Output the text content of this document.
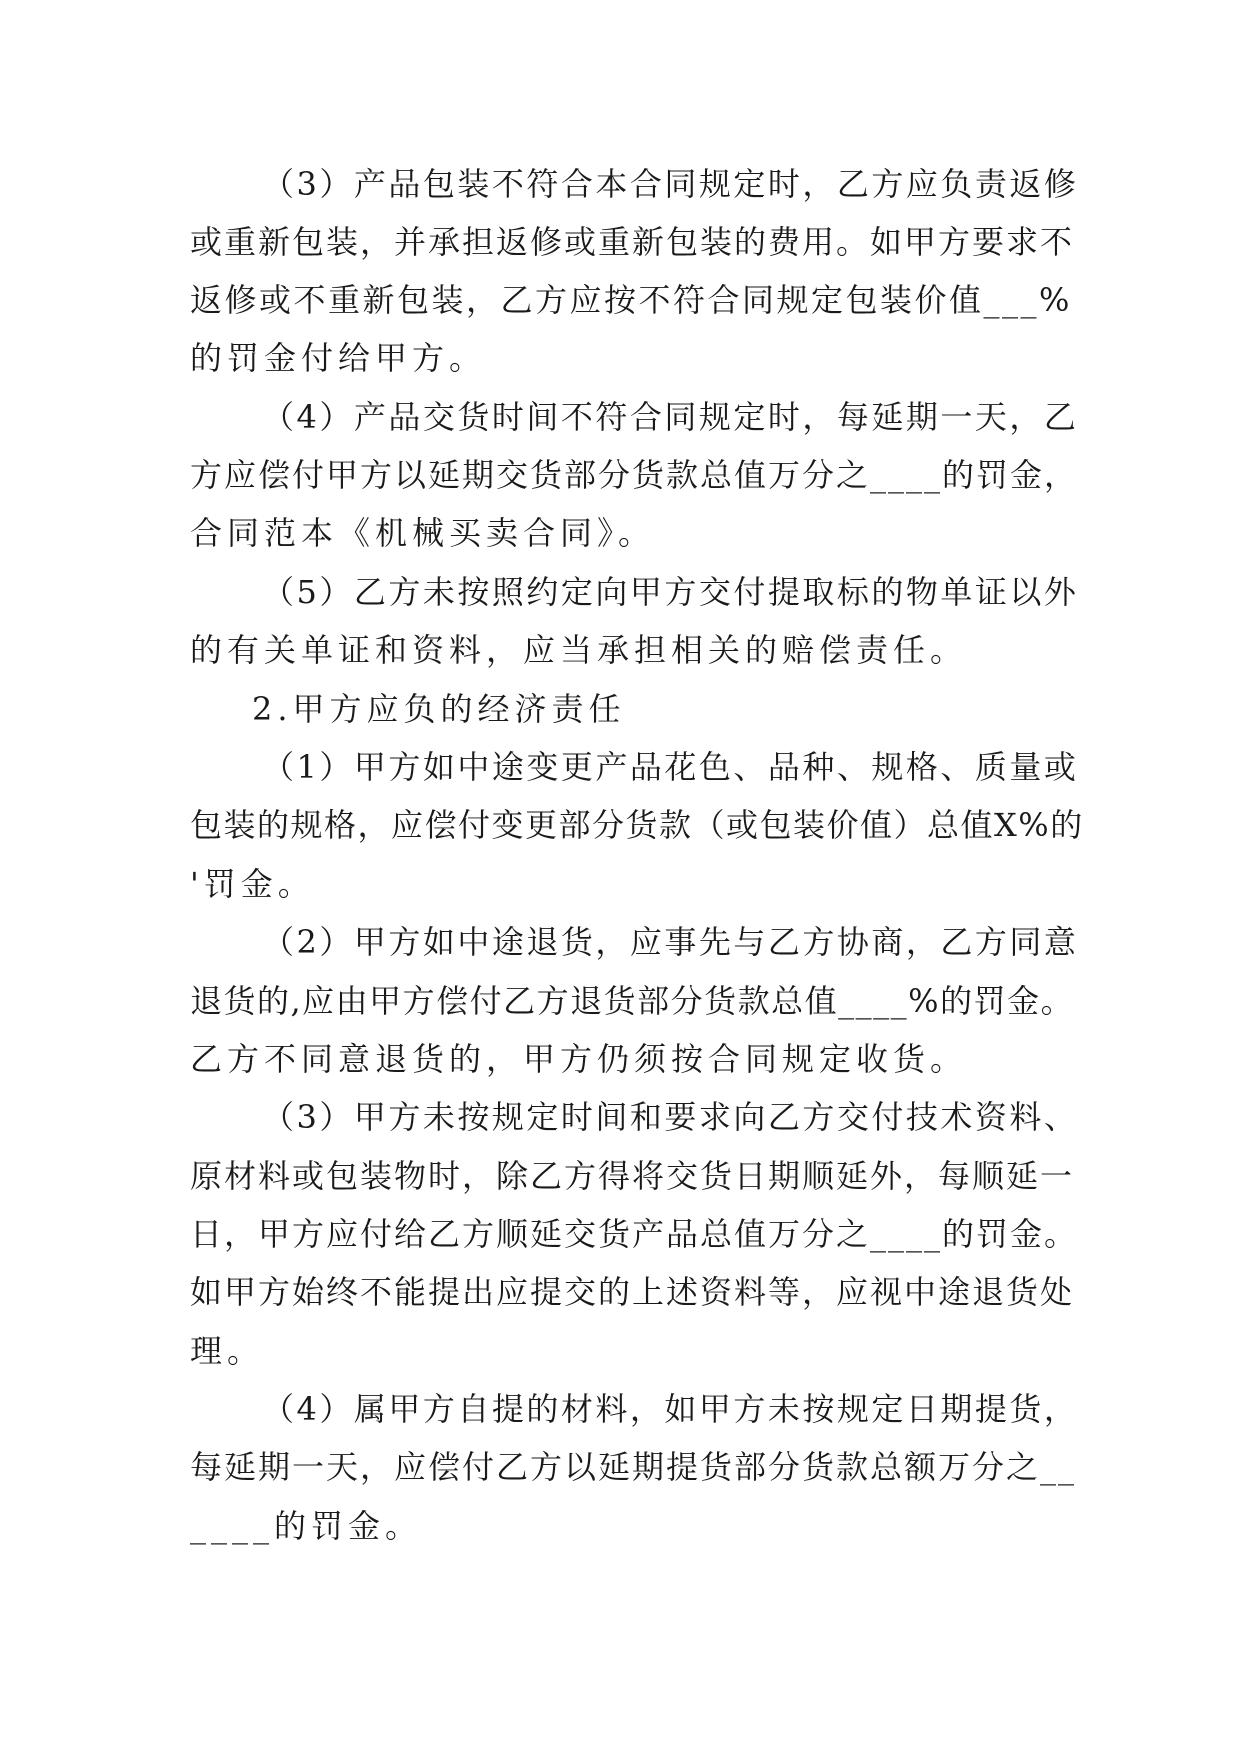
（3）产品包装不符合本合同规定时，乙方应负责返修
或重新包装，并承担返修或重新包装的费用。如甲方要求不
返修或不重新包装，乙方应按不符合同规定包装价值___%
的罚金付给甲方。
（4）产品交货时间不符合同规定时，每延期一天，乙
方应偿付甲方以延期交货部分货款总值万分之____的罚金，
合同范本《机械买卖合同》。
（5）乙方未按照约定向甲方交付提取标的物单证以外
的有关单证和资料，应当承担相关的赔偿责任。
2.甲方应负的经济责任
（1）甲方如中途变更产品花色、品种、规格、质量或
包装的规格，应偿付变更部分货款（或包装价值）总值X%的
'罚金。
（2）甲方如中途退货，应事先与乙方协商，乙方同意
退货的,应由甲方偿付乙方退货部分货款总值____%的罚金。
乙方不同意退货的，甲方仍须按合同规定收货。
（3）甲方未按规定时间和要求向乙方交付技术资料、
原材料或包装物时，除乙方得将交货日期顺延外，每顺延一
日，甲方应付给乙方顺延交货产品总值万分之____的罚金。
如甲方始终不能提出应提交的上述资料等，应视中途退货处
理。
（4）属甲方自提的材料，如甲方未按规定日期提货，
每延期一天，应偿付乙方以延期提货部分货款总额万分之__
____的罚金。
